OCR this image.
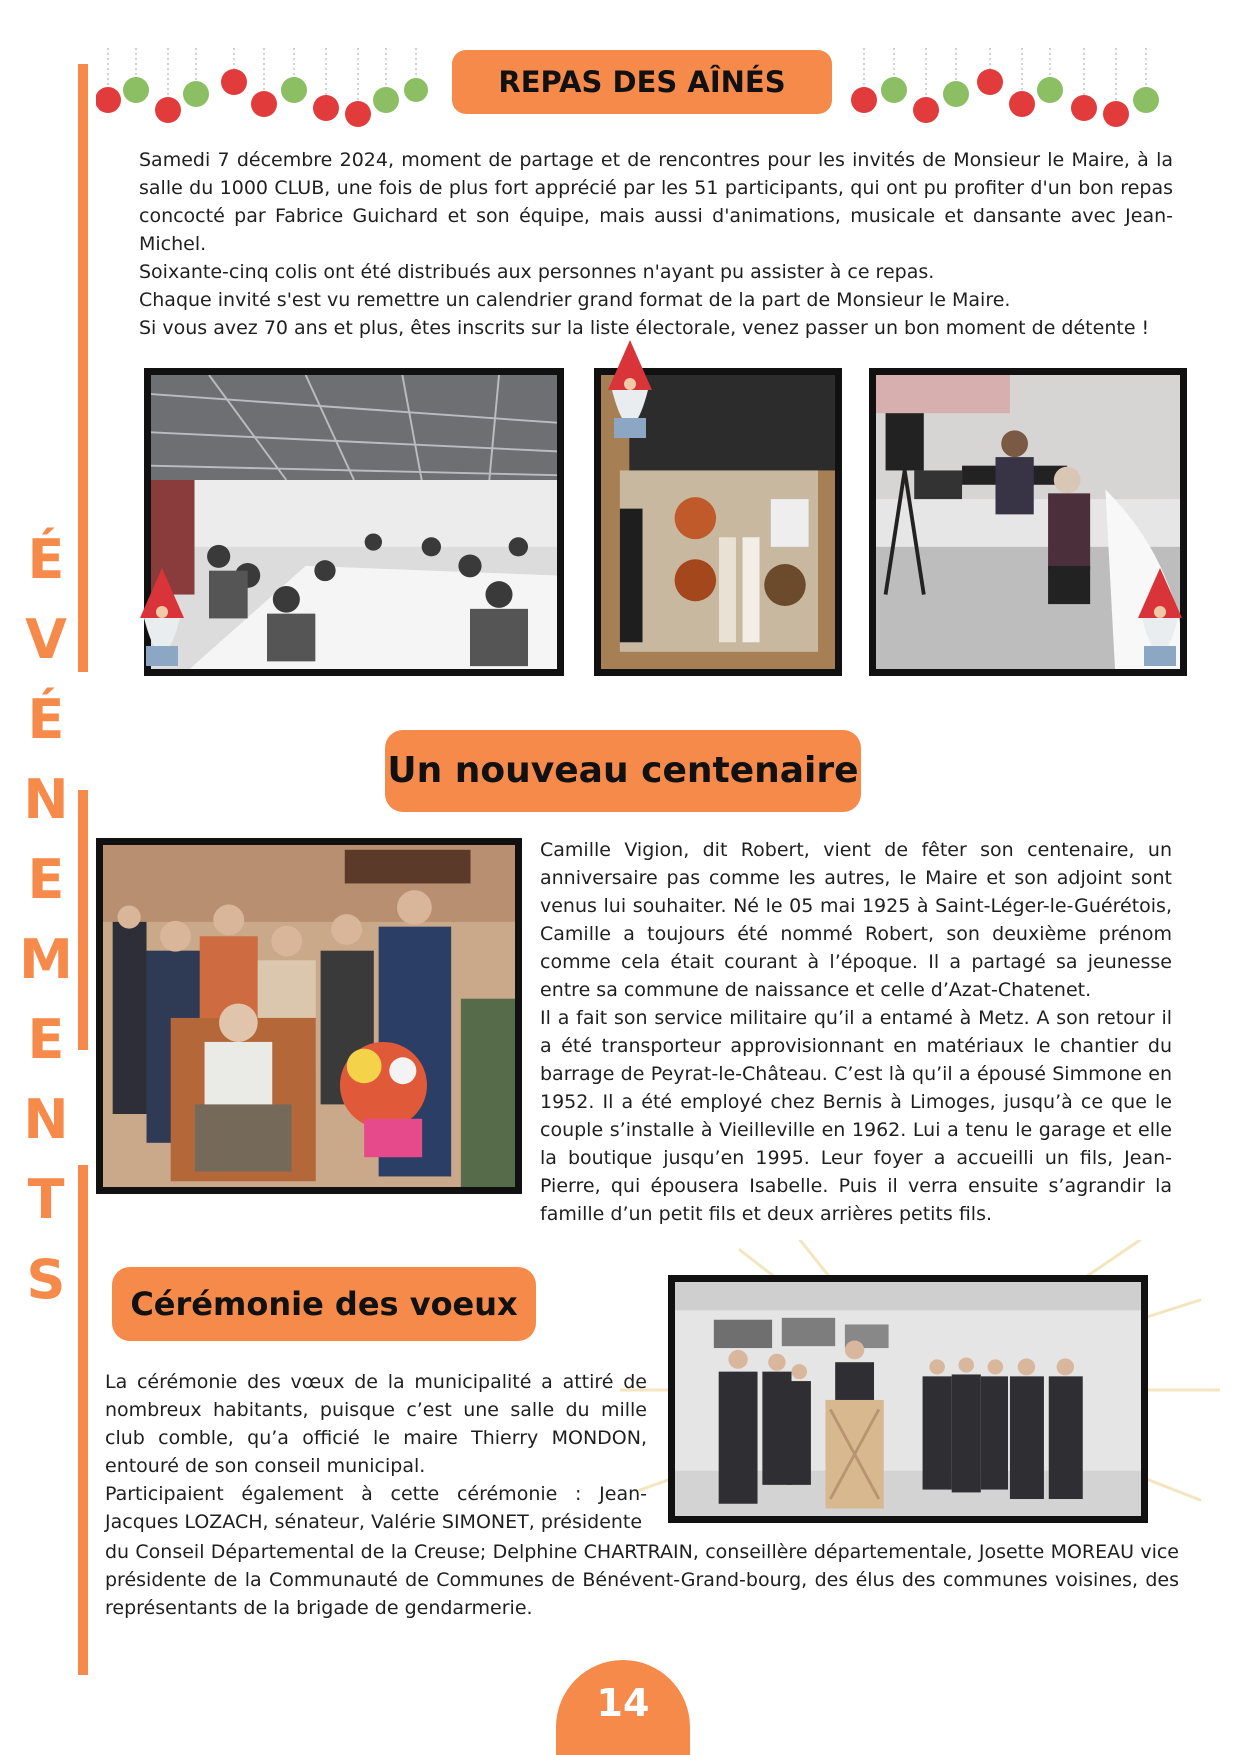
É
V
É
N
E
M
E
N
T
S
REPAS DES AÎNÉS

Samedi 7 décembre 2024, moment de partage et de rencontres pour les invités de Monsieur le Maire, à la salle du 1000 CLUB, une fois de plus fort apprécié par les 51 participants, qui ont pu profiter d'un bon repas concocté par Fabrice Guichard et son équipe, mais aussi d'animations, musicale et dansante avec Jean-Michel.

Soixante-cinq colis ont été distribués aux personnes n'ayant pu assister à ce repas.

Chaque invité s'est vu remettre un calendrier grand format de la part de Monsieur le Maire.

Si vous avez 70 ans et plus, êtes inscrits sur la liste électorale, venez passer un bon moment de détente !

Un nouveau centenaire

Camille Vigion, dit Robert, vient de fêter son centenaire, un anniversaire pas comme les autres, le Maire et son adjoint sont venus lui souhaiter. Né le 05 mai 1925 à Saint-Léger-le-Guérétois, Camille a toujours été nommé Robert, son deuxième prénom comme cela était courant à l’époque. Il a partagé sa jeunesse entre sa commune de naissance et celle d’Azat-Chatenet.

Il a fait son service militaire qu’il a entamé à Metz. A son retour il a été transporteur approvisionnant en matériaux le chantier du barrage de Peyrat-le-Château. C’est là qu’il a épousé Simmone en 1952. Il a été employé chez Bernis à Limoges, jusqu’à ce que le couple s’installe à Vieilleville en 1962. Lui a tenu le garage et elle la boutique jusqu’en 1995. Leur foyer a accueilli un fils, Jean-Pierre, qui épousera Isabelle. Puis il verra ensuite s’agrandir la famille d’un petit fils et deux arrières petits fils.

Cérémonie des voeux

La cérémonie des vœux de la municipalité a attiré de nombreux habitants, puisque c’est une salle du mille club comble, qu’a officié le maire Thierry MONDON, entouré de son conseil municipal.

Participaient également à cette cérémonie : Jean-Jacques LOZACH, sénateur, Valérie SIMONET, présidente

du Conseil Départemental de la Creuse; Delphine CHARTRAIN, conseillère départementale, Josette MOREAU vice présidente de la Communauté de Communes de Bénévent-Grand-bourg, des élus des communes voisines, des représentants de la brigade de gendarmerie.

14
